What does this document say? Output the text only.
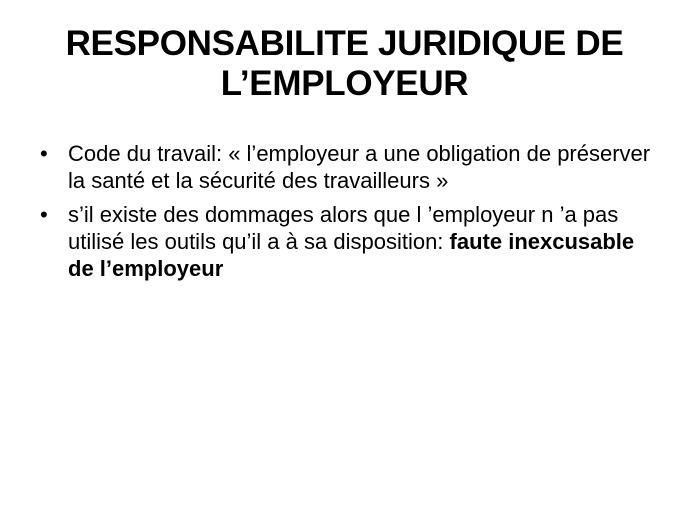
RESPONSABILITE JURIDIQUE DE
L’EMPLOYEUR
• Code du travail: « l’employeur a une obligation de préserver la santé et la sécurité des travailleurs »
• s’il existe des dommages alors que l ’employeur n ’a pas utilisé les outils qu’il a à sa disposition: faute inexcusable de l’employeur
